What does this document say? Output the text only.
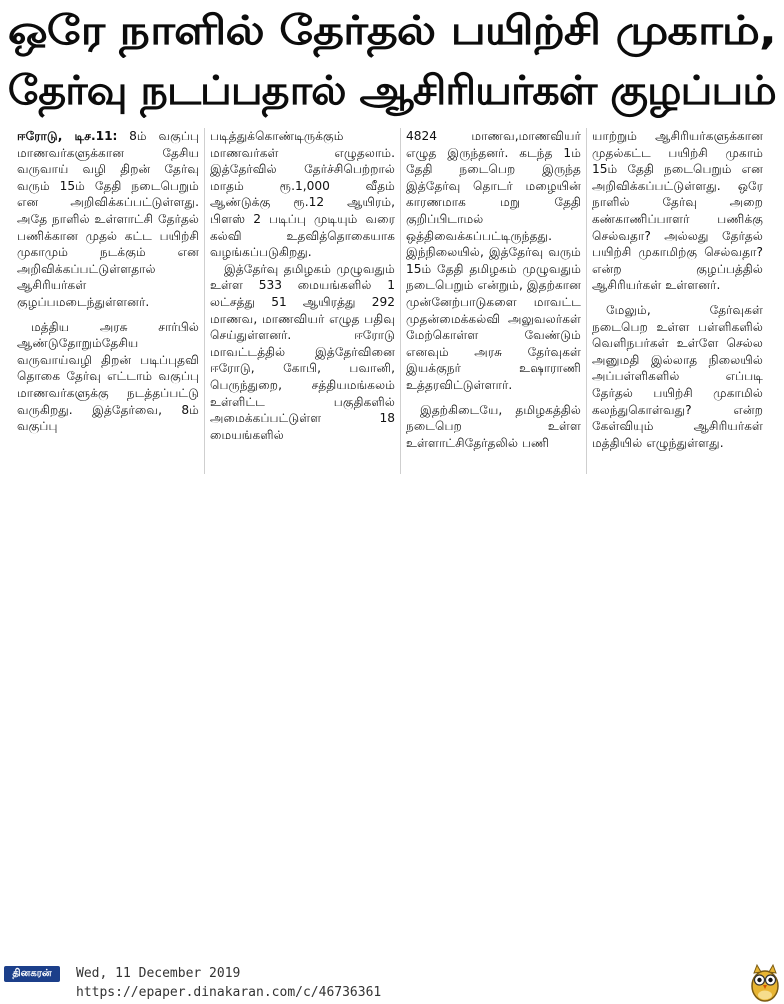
ஒரே நாளில் தேர்தல் பயிற்சி முகாம்,
தேர்வு நடப்பதால் ஆசிரியர்கள் குழப்பம்

ஈரோடு, டிச.11: 8ம் வகுப்பு மாணவர்களுக்கான தேசிய வருவாய் வழி திறன் தேர்வு வரும் 15ம் தேதி நடைபெறும் என அறிவிக்கப்பட்டுள்ளது. அதே நாளில் உள்ளாட்சி தேர்தல் பணிக்கான முதல் கட்ட பயிற்சி முகாமும் நடக்கும் என அறிவிக்கப்பட்டுள்ளதால் ஆசிரியர்கள் குழப்பமடைந்துள்ளனர்.

மத்திய அரசு சார்பில் ஆண்டுதோறும்தேசிய வருவாய்வழி திறன் படிப்புதவி தொகை தேர்வு எட்டாம் வகுப்பு மாணவர்களுக்கு நடத்தப்பட்டு வருகிறது. இத்தேர்வை, 8ம் வகுப்பு

படித்துக்கொண்டிருக்கும் மாணவர்கள் எழுதலாம். இத்தேர்வில் தேர்ச்சிபெற்றால் மாதம் ரூ.1,000 வீதம் ஆண்டுக்கு ரூ.12 ஆயிரம், பிளஸ் 2 படிப்பு முடியும் வரை கல்வி உதவித்தொகையாக வழங்கப்படுகிறது.

இத்தேர்வு தமிழகம் முழுவதும் உள்ள 533 மையங்களில் 1 லட்சத்து 51 ஆயிரத்து 292 மாணவ, மாணவியர் எழுத பதிவு செய்துள்ளனர். ஈரோடு மாவட்டத்தில் இத்தேர்வினை ஈரோடு, கோபி, பவானி, பெருந்துறை, சத்தியமங்கலம் உள்ளிட்ட பகுதிகளில் அமைக்கப்பட்டுள்ள 18 மையங்களில்

4824 மாணவ,மாணவியர் எழுத இருந்தனர். கடந்த 1ம் தேதி நடைபெற இருந்த இத்தேர்வு தொடர் மழையின் காரணமாக மறு தேதி குறிப்பிடாமல் ஒத்திவைக்கப்பட்டிருந்தது. இந்நிலையில், இத்தேர்வு வரும் 15ம் தேதி தமிழகம் முழுவதும் நடைபெறும் என்றும், இதற்கான முன்னேற்பாடுகளை மாவட்ட முதன்மைக்கல்வி அலுவலர்கள் மேற்கொள்ள வேண்டும் எனவும் அரசு தேர்வுகள் இயக்குநர் உஷாராணி உத்தரவிட்டுள்ளார்.

இதற்கிடையே, தமிழகத்தில் நடைபெற உள்ள உள்ளாட்சிதேர்தலில் பணி

யாற்றும் ஆசிரியர்களுக்கான முதல்கட்ட பயிற்சி முகாம் 15ம் தேதி நடைபெறும் என அறிவிக்கப்பட்டுள்ளது. ஒரே நாளில் தேர்வு அறை கண்காணிப்பாளர் பணிக்கு செல்வதா? அல்லது தேர்தல் பயிற்சி முகாமிற்கு செல்வதா? என்ற குழப்பத்தில் ஆசிரியர்கள் உள்ளனர்.

மேலும், தேர்வுகள் நடைபெற உள்ள பள்ளிகளில் வெளிநபர்கள் உள்ளே செல்ல அனுமதி இல்லாத நிலையில் அப்பள்ளிகளில் எப்படி தேர்தல் பயிற்சி முகாமில் கலந்துகொள்வது? என்ற கேள்வியும் ஆசிரியர்கள் மத்தியில் எழுந்துள்ளது.

தினகரன்	Wed, 11 December 2019
https://epaper.dinakaran.com/c/46736361
